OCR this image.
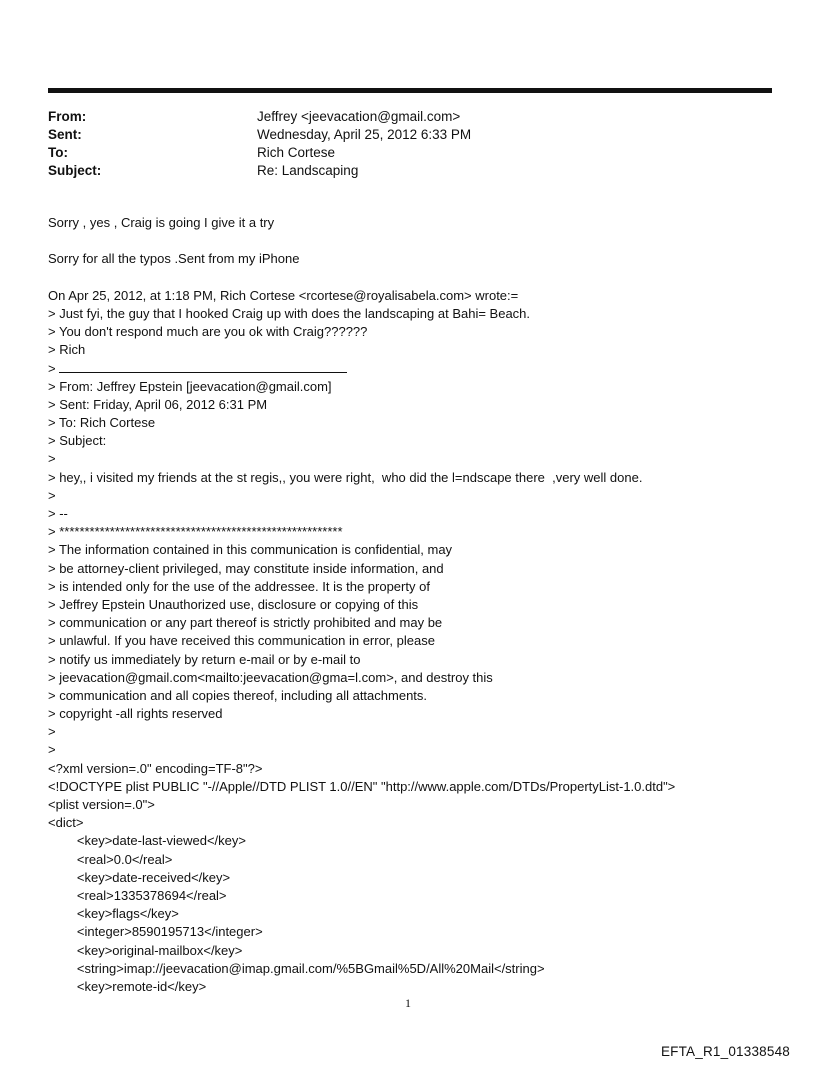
From:	Jeffrey <jeevacation@gmail.com>
Sent:	Wednesday, April 25, 2012 6:33 PM
To:	Rich Cortese
Subject:	Re: Landscaping
Sorry , yes , Craig is going I give it a try
Sorry for all the typos .Sent from my iPhone
On Apr 25, 2012, at 1:18 PM, Rich Cortese <rcortese@royalisabela.com> wrote:=
> Just fyi, the guy that I hooked Craig up with does the landscaping at Bahi= Beach.
> You don't respond much are you ok with Craig??????
> Rich
>
> From: Jeffrey Epstein [jeevacation@gmail.com]
> Sent: Friday, April 06, 2012 6:31 PM
> To: Rich Cortese
> Subject:
>
> hey,, i visited my friends at the st regis,, you were right,  who did the l=ndscape there  ,very well done.
>
> --
> ********************************************************
> The information contained in this communication is confidential, may
> be attorney-client privileged, may constitute inside information, and
> is intended only for the use of the addressee. It is the property of
> Jeffrey Epstein Unauthorized use, disclosure or copying of this
> communication or any part thereof is strictly prohibited and may be
> unlawful. If you have received this communication in error, please
> notify us immediately by return e-mail or by e-mail to
> jeevacation@gmail.com<mailto:jeevacation@gma=l.com>, and destroy this
> communication and all copies thereof, including all attachments.
> copyright -all rights reserved
>
>
<?xml version=.0" encoding=TF-8"?>
<!DOCTYPE plist PUBLIC "-//Apple//DTD PLIST 1.0//EN" "http://www.apple.com/DTDs/PropertyList-1.0.dtd">
<plist version=.0">
<dict>
<key>date-last-viewed</key>
<real>0.0</real>
<key>date-received</key>
<real>1335378694</real>
<key>flags</key>
<integer>8590195713</integer>
<key>original-mailbox</key>
<string>imap://jeevacation@imap.gmail.com/%5BGmail%5D/All%20Mail</string>
<key>remote-id</key>
1
EFTA_R1_01338548
